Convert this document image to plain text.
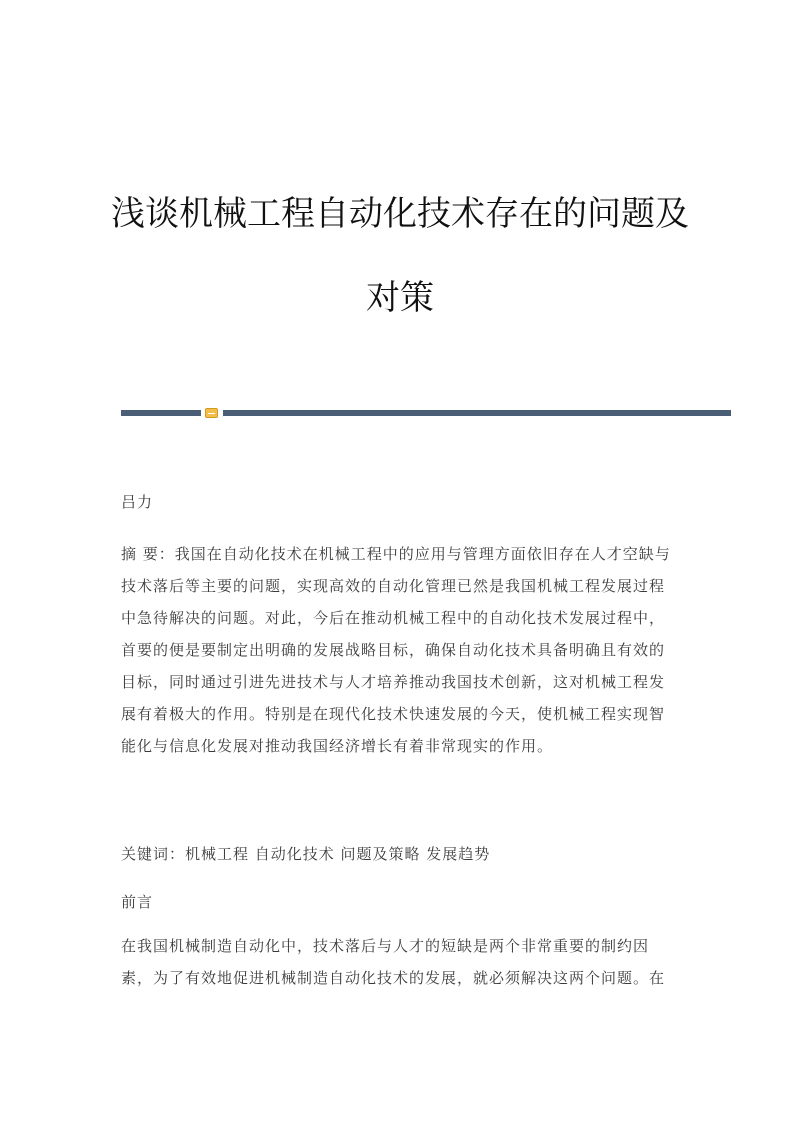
浅谈机械工程自动化技术存在的问题及
对策

吕力

摘 要：我国在自动化技术在机械工程中的应用与管理方面依旧存在人才空缺与
技术落后等主要的问题，实现高效的自动化管理已然是我国机械工程发展过程
中急待解决的问题。对此，今后在推动机械工程中的自动化技术发展过程中，
首要的便是要制定出明确的发展战略目标，确保自动化技术具备明确且有效的
目标，同时通过引进先进技术与人才培养推动我国技术创新，这对机械工程发
展有着极大的作用。特别是在现代化技术快速发展的今天，使机械工程实现智
能化与信息化发展对推动我国经济增长有着非常现实的作用。

关键词：机械工程 自动化技术 问题及策略 发展趋势

前言

在我国机械制造自动化中，技术落后与人才的短缺是两个非常重要的制约因
素，为了有效地促进机械制造自动化技术的发展，就必须解决这两个问题。在
